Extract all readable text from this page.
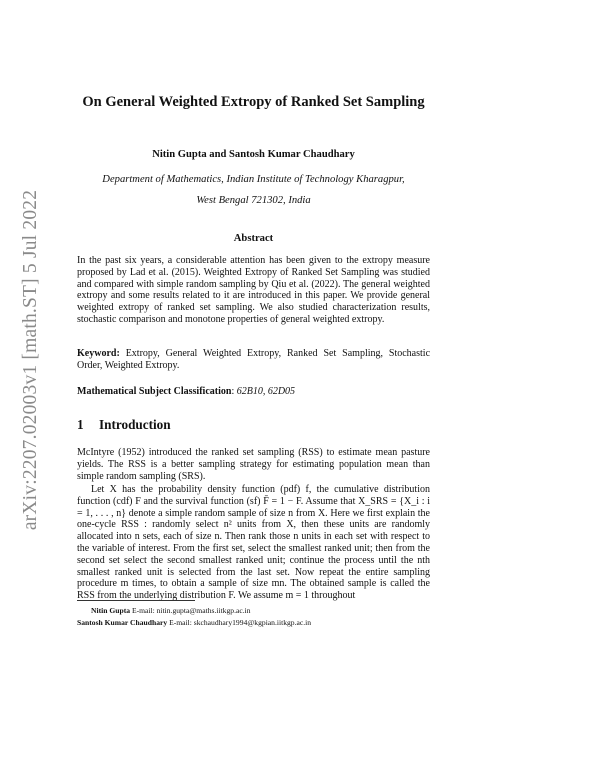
arXiv:2207.02003v1 [math.ST] 5 Jul 2022
On General Weighted Extropy of Ranked Set Sampling
Nitin Gupta and Santosh Kumar Chaudhary
Department of Mathematics, Indian Institute of Technology Kharagpur,
West Bengal 721302, India
Abstract

In the past six years, a considerable attention has been given to the extropy measure proposed by Lad et al. (2015). Weighted Extropy of Ranked Set Sampling was studied and compared with simple random sampling by Qiu et al. (2022). The general weighted extropy and some results related to it are introduced in this paper. We provide general weighted extropy of ranked set sampling. We also studied characterization results, stochastic comparison and monotone properties of general weighted extropy.

Keyword: Extropy, General Weighted Extropy, Ranked Set Sampling, Stochastic Order, Weighted Extropy.

Mathematical Subject Classification: 62B10, 62D05

1 Introduction

McIntyre (1952) introduced the ranked set sampling (RSS) to estimate mean pasture yields. The RSS is a better sampling strategy for estimating population mean than simple random sampling (SRS).

Let X has the probability density function (pdf) f, the cumulative distribution function (cdf) F and the survival function (sf) F̄ = 1 − F. Assume that X_SRS = {X_i : i = 1, . . . , n} denote a simple random sample of size n from X. Here we first explain the one-cycle RSS : randomly select n² units from X, then these units are randomly allocated into n sets, each of size n. Then rank those n units in each set with respect to the variable of interest. From the first set, select the smallest ranked unit; then from the second set select the second smallest ranked unit; continue the process until the nth smallest ranked unit is selected from the last set. Now repeat the entire sampling procedure m times, to obtain a sample of size mn. The obtained sample is called the RSS from the underlying distribution F. We assume m = 1 throughout

Nitin Gupta E-mail: nitin.gupta@maths.iitkgp.ac.in
Santosh Kumar Chaudhary E-mail: skchaudhary1994@kgpian.iitkgp.ac.in
